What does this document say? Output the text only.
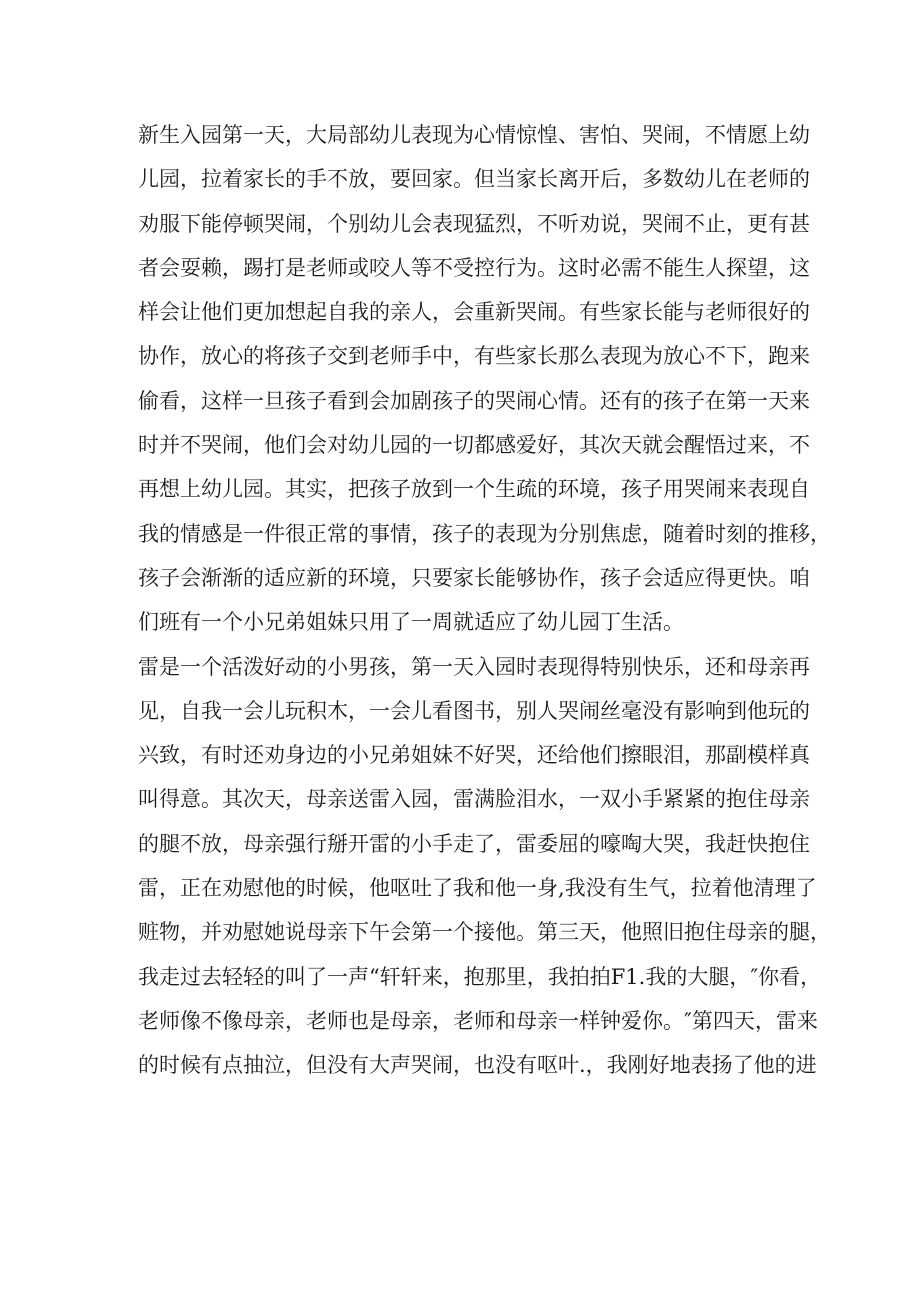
新生入园第一天，大局部幼儿表现为心情惊惶、害怕、哭闹，不情愿上幼
儿园，拉着家长的手不放，要回家。但当家长离开后，多数幼儿在老师的
劝服下能停顿哭闹，个别幼儿会表现猛烈，不听劝说，哭闹不止，更有甚
者会耍赖，踢打是老师或咬人等不受控行为。这时必需不能生人探望，这
样会让他们更加想起自我的亲人，会重新哭闹。有些家长能与老师很好的
协作，放心的将孩子交到老师手中，有些家长那么表现为放心不下，跑来
偷看，这样一旦孩子看到会加剧孩子的哭闹心情。还有的孩子在第一天来
时并不哭闹，他们会对幼儿园的一切都感爱好，其次天就会醒悟过来，不
再想上幼儿园。其实，把孩子放到一个生疏的环境，孩子用哭闹来表现自
我的情感是一件很正常的事情，孩子的表现为分别焦虑，随着时刻的推移，
孩子会渐渐的适应新的环境，只要家长能够协作，孩子会适应得更快。咱
们班有一个小兄弟姐妹只用了一周就适应了幼儿园丁生活。
雷是一个活泼好动的小男孩，第一天入园时表现得特别快乐，还和母亲再
见，自我一会儿玩积木，一会儿看图书，别人哭闹丝毫没有影响到他玩的
兴致，有时还劝身边的小兄弟姐妹不好哭，还给他们擦眼泪，那副模样真
叫得意。其次天，母亲送雷入园，雷满脸泪水，一双小手紧紧的抱住母亲
的腿不放，母亲强行掰开雷的小手走了，雷委屈的嚎啕大哭，我赶快抱住
雷，正在劝慰他的时候，他呕吐了我和他一身,我没有生气，拉着他清理了
赃物，并劝慰她说母亲下午会第一个接他。第三天，他照旧抱住母亲的腿，
我走过去轻轻的叫了一声“轩轩来，抱那里，我拍拍F1.我的大腿，″你看，
老师像不像母亲，老师也是母亲，老师和母亲一样钟爱你。″第四天，雷来
的时候有点抽泣，但没有大声哭闹，也没有呕叶.，我刚好地表扬了他的进
